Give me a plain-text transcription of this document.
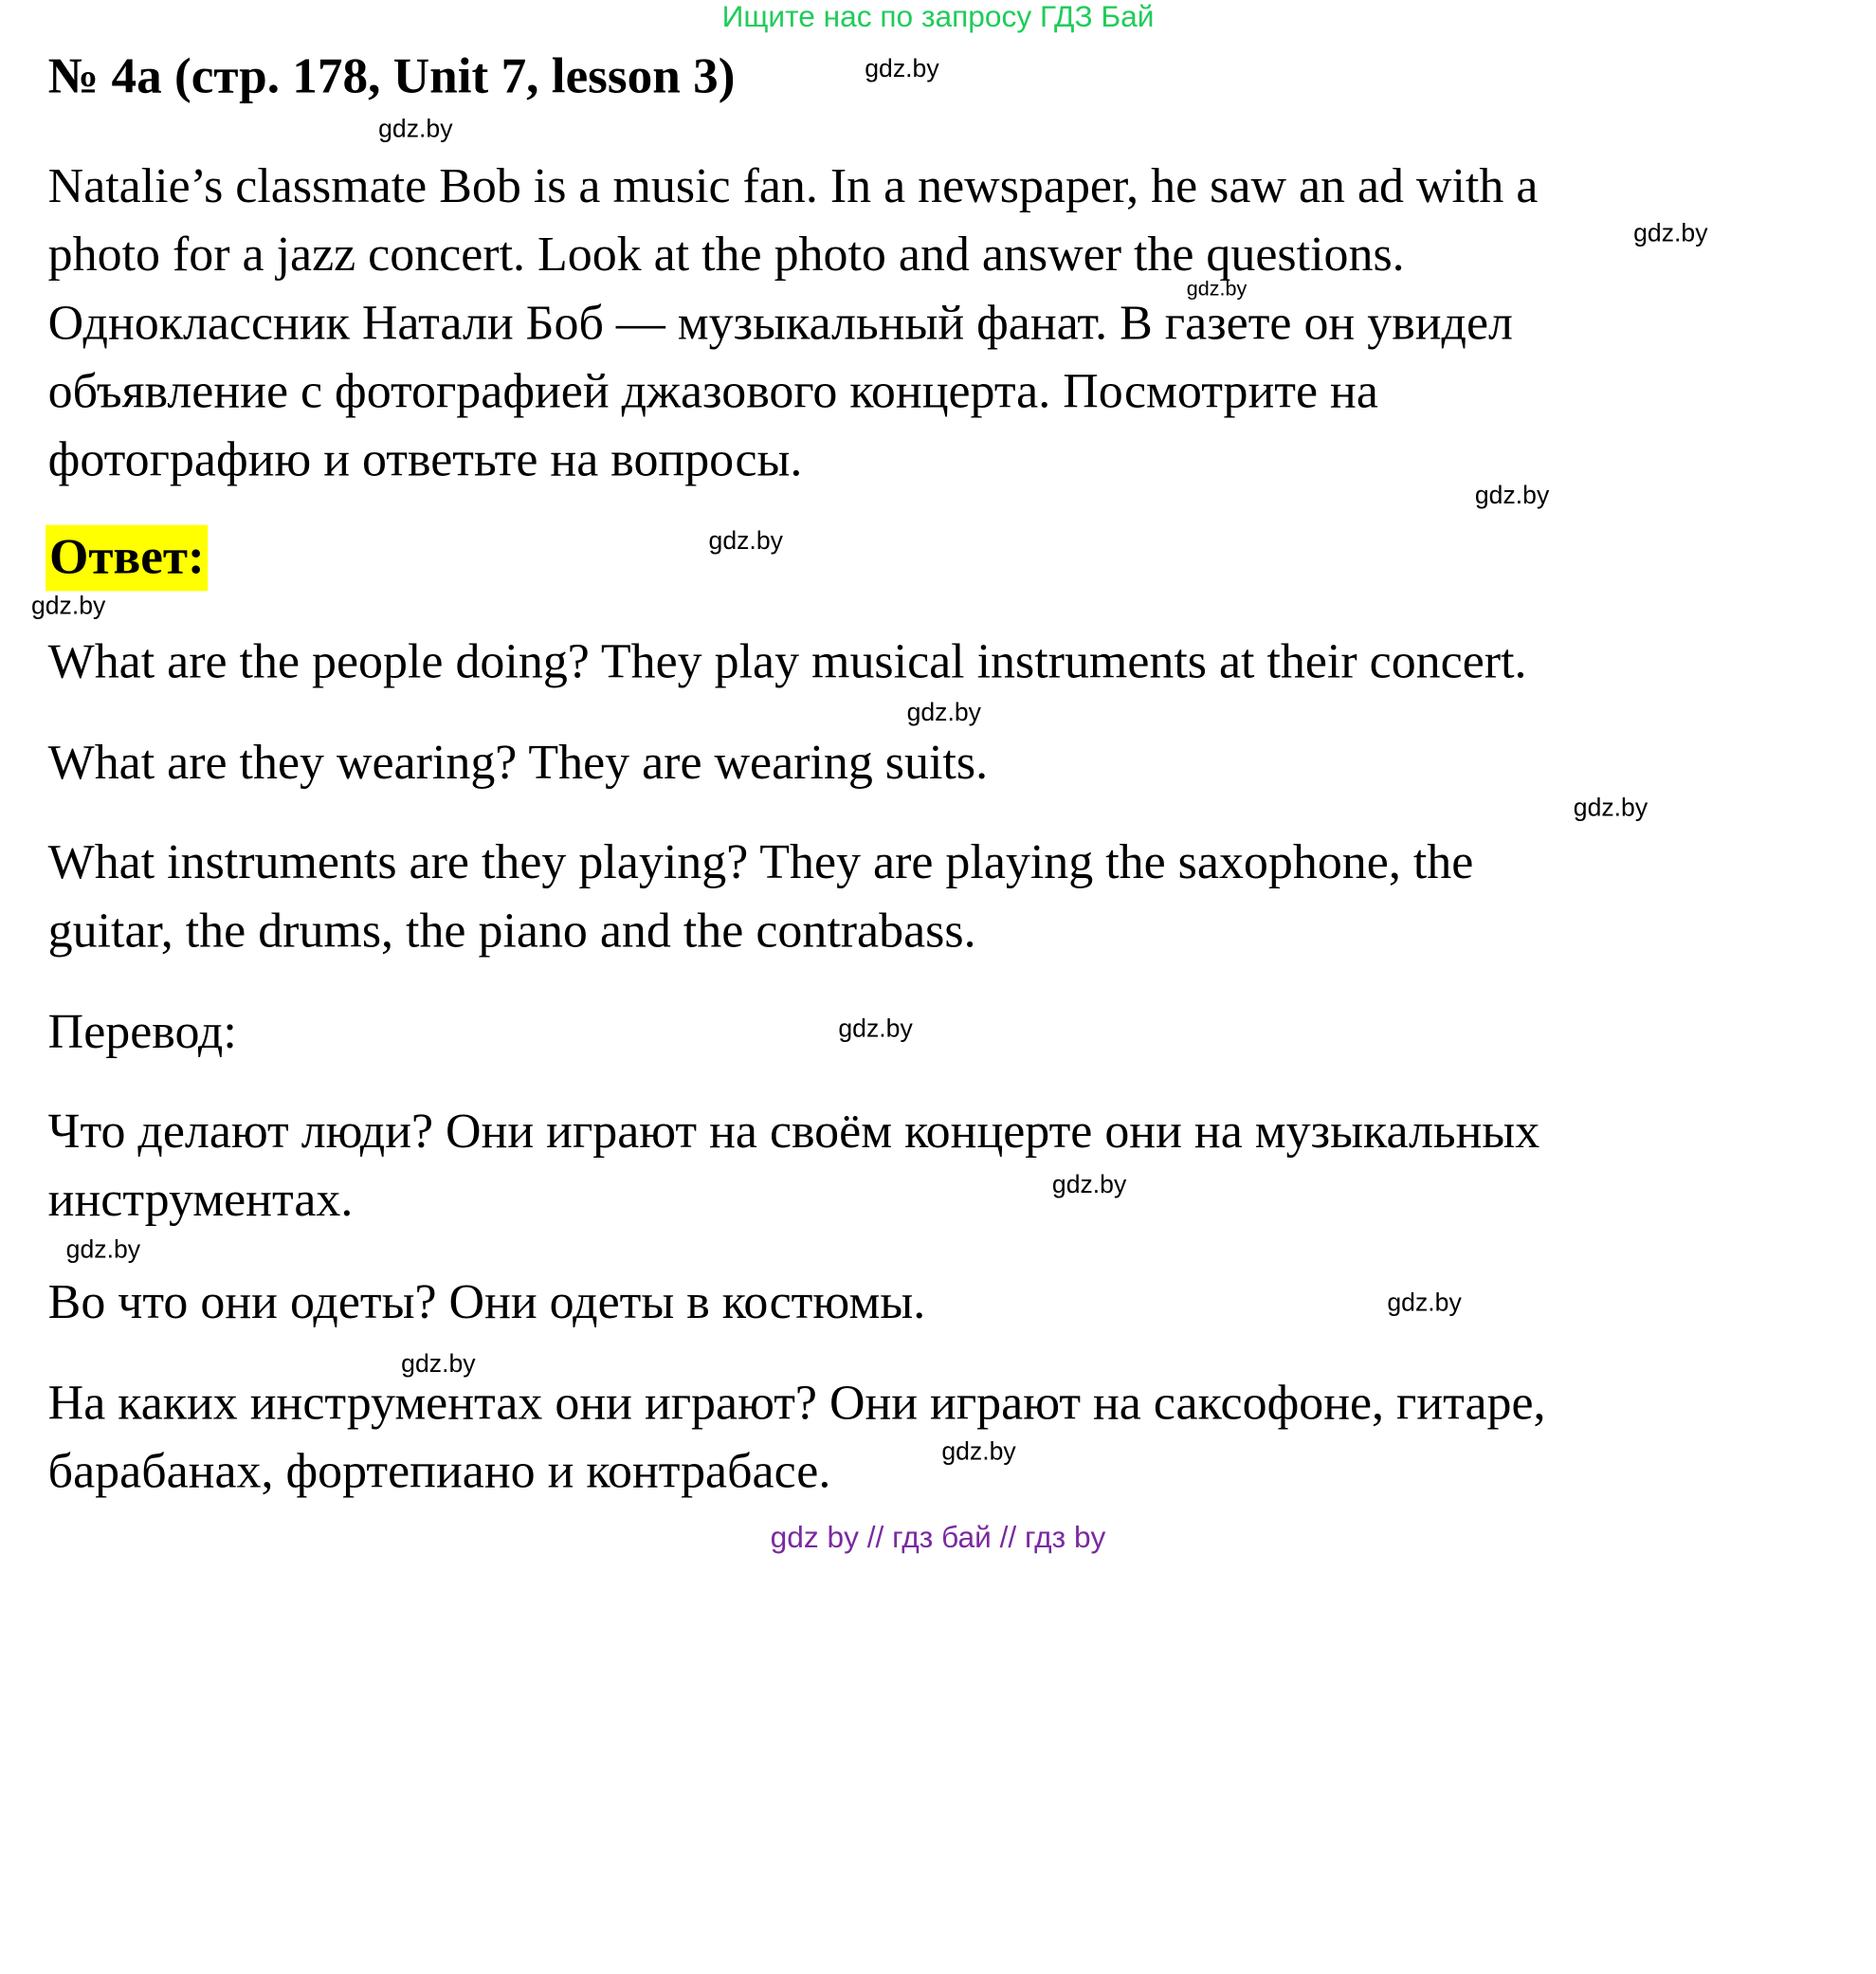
Ищите нас по запросу ГДЗ Бай
№ 4a (стр. 178, Unit 7, lesson 3)
Natalie’s classmate Bob is a music fan. In a newspaper, he saw an ad with a
photo for a jazz concert. Look at the photo and answer the questions.
Одноклассник Натали Боб — музыкальный фанат. В газете он увидел
объявление с фотографией джазового концерта. Посмотрите на
фотографию и ответьте на вопросы.
Ответ:
What are the people doing? They play musical instruments at their concert.
What are they wearing? They are wearing suits.
What instruments are they playing? They are playing the saxophone, the
guitar, the drums, the piano and the contrabass.
Перевод:
Что делают люди? Они играют на своём концерте они на музыкальных
инструментах.
Во что они одеты? Они одеты в костюмы.
На каких инструментах они играют? Они играют на саксофоне, гитаре,
барабанах, фортепиано и контрабасе.
gdz.by
gdz.by
gdz.by
gdz.by
gdz.by
gdz.by
gdz.by
gdz.by
gdz.by
gdz.by
gdz.by
gdz.by
gdz.by
gdz.by
gdz.by
gdz by // гдз бай // гдз by
